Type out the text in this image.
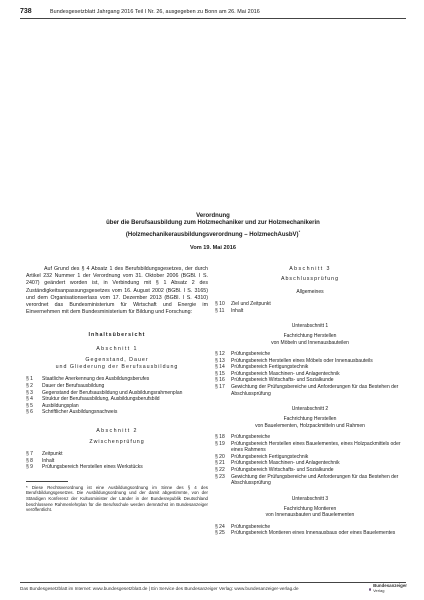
738	Bundesgesetzblatt Jahrgang 2016 Teil I Nr. 26, ausgegeben zu Bonn am 26. Mai 2016
Verordnung
über die Berufsausbildung zum Holzmechaniker und zur Holzmechanikerin
(Holzmechanikerausbildungsverordnung – HolzmechAusbV)*
Vom 19. Mai 2016

Auf Grund des § 4 Absatz 1 des Berufsbildungsgesetzes, der durch Artikel 232 Nummer 1 der Verordnung vom 31. Oktober 2006 (BGBl. I S. 2407) geändert worden ist, in Verbindung mit § 1 Absatz 2 des Zuständigkeitsanpassungsgesetzes vom 16. August 2002 (BGBl. I S. 3165) und dem Organisationserlass vom 17. Dezember 2013 (BGBl. I S. 4310) verordnet das Bundesministerium für Wirtschaft und Energie im Einvernehmen mit dem Bundesministerium für Bildung und Forschung:

Inhaltsübersicht

Abschnitt 1

Gegenstand, Dauer

und Gliederung der Berufsausbildung

§ 1	Staatliche Anerkennung des Ausbildungsberufes
§ 2	Dauer der Berufsausbildung
§ 3	Gegenstand der Berufsausbildung und Ausbildungsrahmenplan
§ 4	Struktur der Berufsausbildung, Ausbildungsberufsbild
§ 5	Ausbildungsplan
§ 6	Schriftlicher Ausbildungsnachweis

Abschnitt 2

Zwischenprüfung

§ 7	Zeitpunkt
§ 8	Inhalt
§ 9	Prüfungsbereich Herstellen eines Werkstücks

* Diese Rechtsverordnung ist eine Ausbildungsordnung im Sinne des § 4 des Berufsbildungsgesetzes. Die Ausbildungsordnung und der damit abgestimmte, von der Ständigen Konferenz der Kultusminister der Länder in der Bundesrepublik Deutschland beschlossene Rahmenlehrplan für die Berufsschule werden demnächst im Bundesanzeiger veröffentlicht.

Abschnitt 3

Abschlussprüfung

Allgemeines

§ 10	Ziel und Zeitpunkt
§ 11	Inhalt

Unterabschnitt 1

Fachrichtung Herstellen

von Möbeln und Innenausbauteilen

§ 12	Prüfungsbereiche
§ 13	Prüfungsbereich Herstellen eines Möbels oder Innenausbauteils
§ 14	Prüfungsbereich Fertigungstechnik
§ 15	Prüfungsbereich Maschinen- und Anlagentechnik
§ 16	Prüfungsbereich Wirtschafts- und Sozialkunde
§ 17	Gewichtung der Prüfungsbereiche und Anforderungen für das Bestehen der Abschlussprüfung

Unterabschnitt 2

Fachrichtung Herstellen

von Bauelementen, Holzpackmitteln und Rahmen

§ 18	Prüfungsbereiche
§ 19	Prüfungsbereich Herstellen eines Bauelementes, eines Holzpackmittels oder eines Rahmens
§ 20	Prüfungsbereich Fertigungstechnik
§ 21	Prüfungsbereich Maschinen- und Anlagentechnik
§ 22	Prüfungsbereich Wirtschafts- und Sozialkunde
§ 23	Gewichtung der Prüfungsbereiche und Anforderungen für das Bestehen der Abschlussprüfung

Unterabschnitt 3

Fachrichtung Montieren

von Innenausbauten und Bauelementen

§ 24	Prüfungsbereiche
§ 25	Prüfungsbereich Montieren eines Innenausbaus oder eines Bauelementes
Das Bundesgesetzblatt im Internet: www.bundesgesetzblatt.de | Ein Service des Bundesanzeiger Verlag: www.bundesanzeiger-verlag.de
Bundesanzeiger
Verlag
